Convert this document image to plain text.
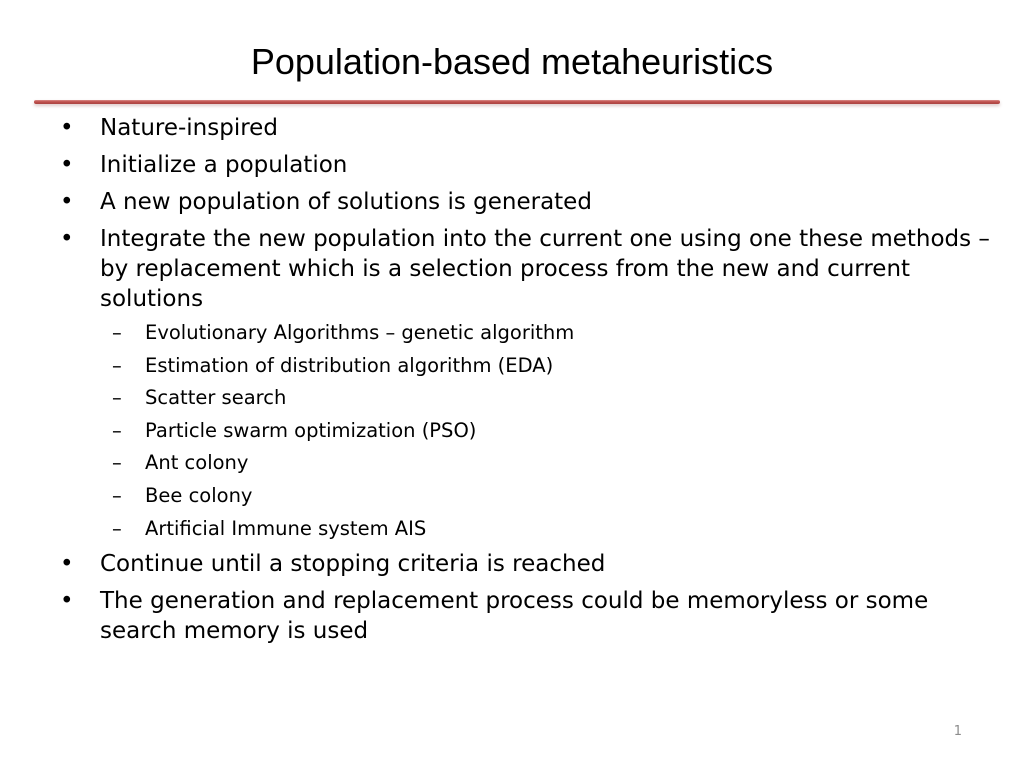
Population-based metaheuristics
• Nature-inspired
• Initialize a population
• A new population of solutions is generated
• Integrate the new population into the current one using one these methods – by replacement which is a selection process from the new and current solutions
– Evolutionary Algorithms – genetic algorithm
– Estimation of distribution algorithm (EDA)
– Scatter search
– Particle swarm optimization (PSO)
– Ant colony
– Bee colony
– Artificial Immune system AIS
• Continue until a stopping criteria is reached
• The generation and replacement process could be memoryless or some search memory is used
1
